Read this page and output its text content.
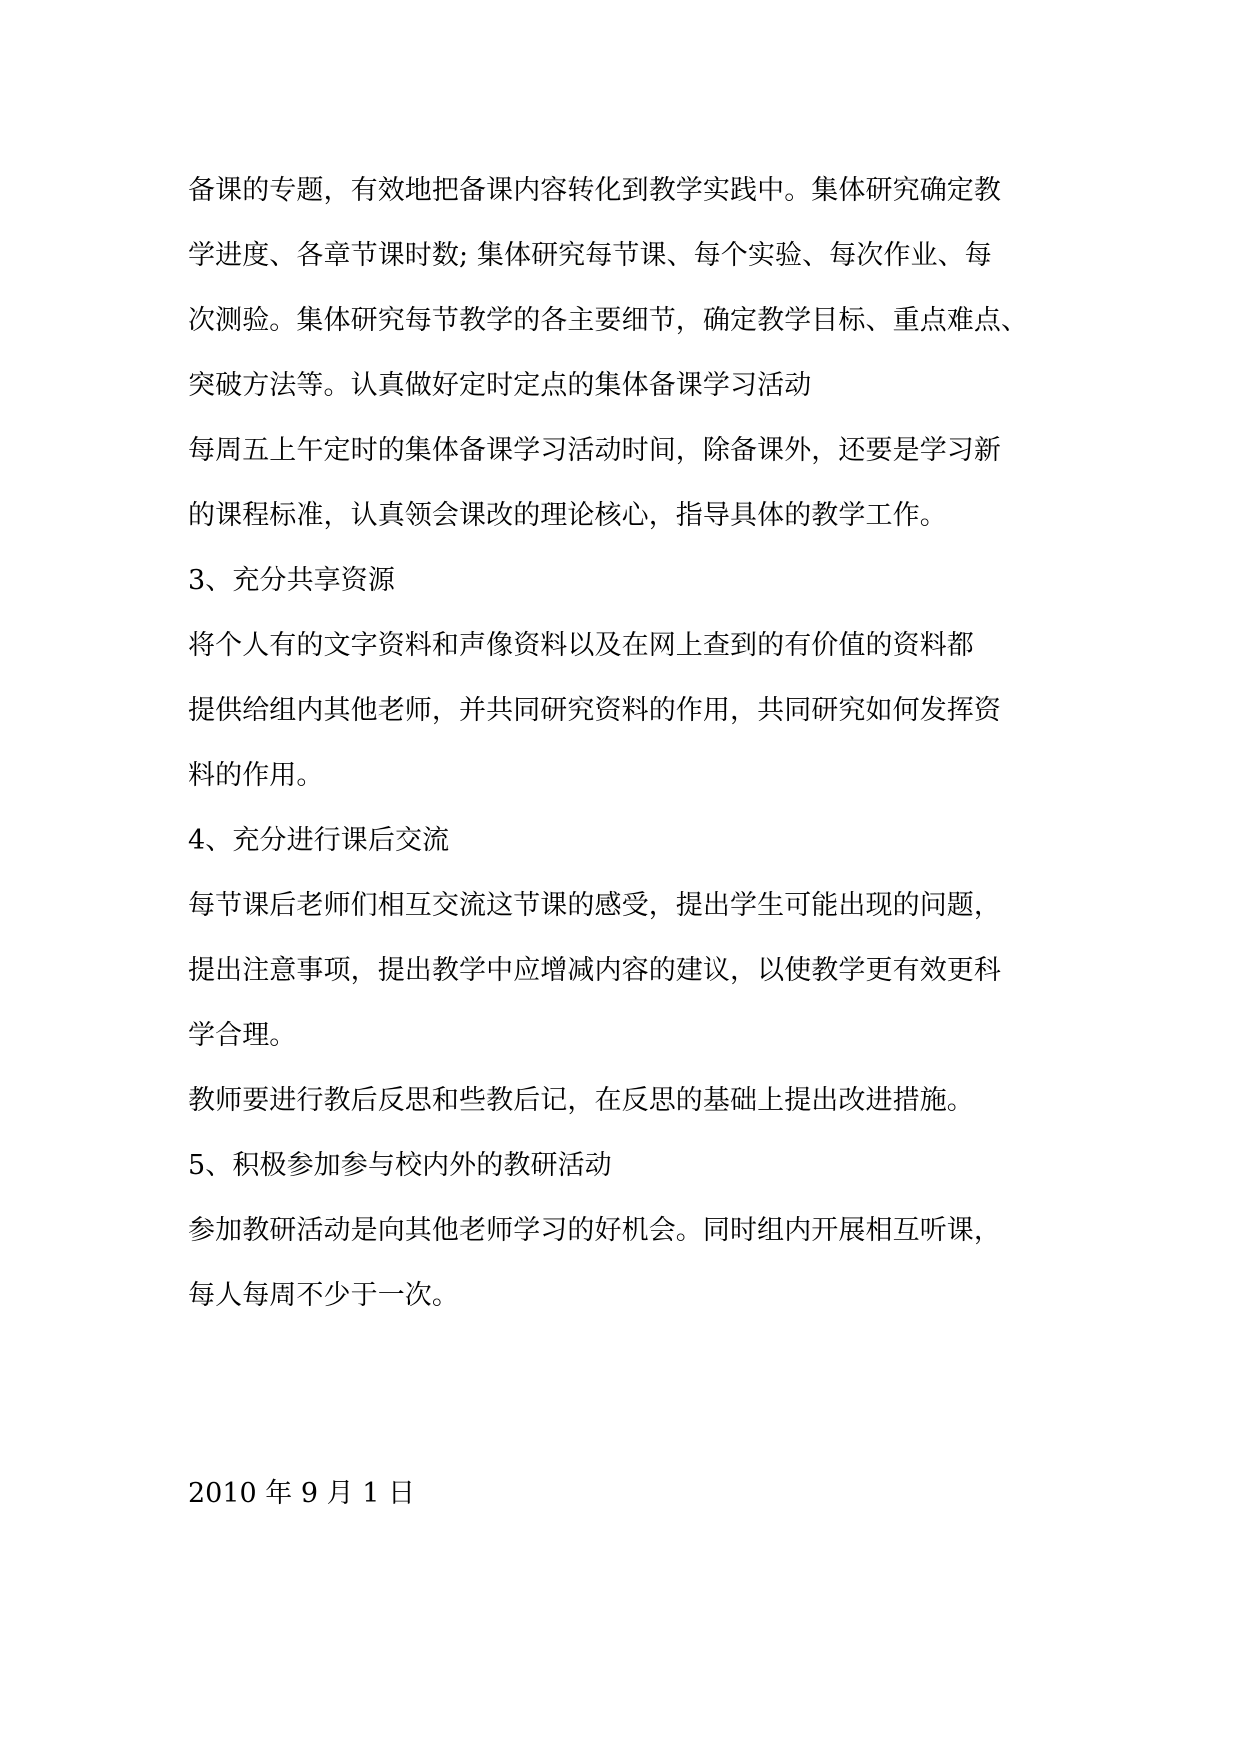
备课的专题，有效地把备课内容转化到教学实践中。集体研究确定教
学进度、各章节课时数; 集体研究每节课、每个实验、每次作业、每
次测验。集体研究每节教学的各主要细节，确定教学目标、重点难点、
突破方法等。认真做好定时定点的集体备课学习活动
每周五上午定时的集体备课学习活动时间，除备课外，还要是学习新
的课程标准，认真领会课改的理论核心，指导具体的教学工作。
3、充分共享资源
将个人有的文字资料和声像资料以及在网上查到的有价值的资料都
提供给组内其他老师，并共同研究资料的作用，共同研究如何发挥资
料的作用。
4、充分进行课后交流
每节课后老师们相互交流这节课的感受，提出学生可能出现的问题，
提出注意事项，提出教学中应增减内容的建议，以使教学更有效更科
学合理。
教师要进行教后反思和些教后记，在反思的基础上提出改进措施。
5、积极参加参与校内外的教研活动
参加教研活动是向其他老师学习的好机会。同时组内开展相互听课，
每人每周不少于一次。
2010 年 9 月 1 日
